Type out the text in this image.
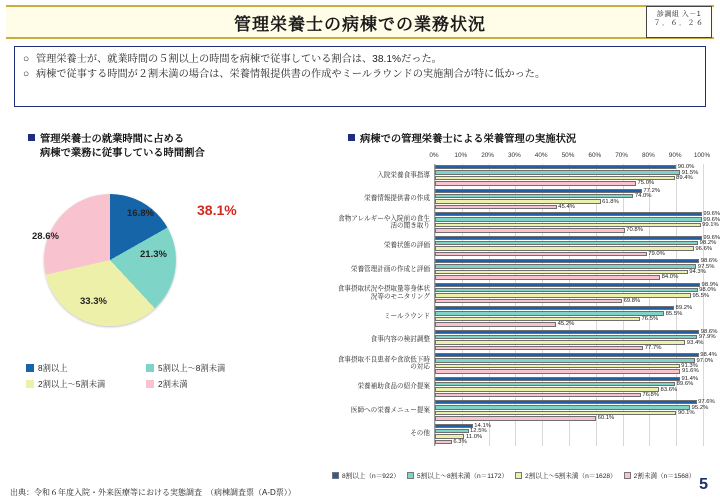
管理栄養士の病棟での業務状況	診調組 入－1
７．６．２６
○ 管理栄養士が、就業時間の５割以上の時間を病棟で従事している割合は、38.1%だった。
○ 病棟で従事する時間が２割未満の場合は、栄養情報提供書の作成やミールラウンドの実施割合が特に低かった。
管理栄養士の就業時間に占める
病棟で業務に従事している時間割合
病棟での管理栄養士による栄養管理の実施状況
16.8%
21.3%
33.3%
28.6%
38.1%
8割以上	5割以上～8割未満
2割以上～5割未満	2割未満
0% 10% 20% 30% 40% 50% 60% 70% 80% 90% 100%
入院栄養食事指導
90.0%
91.5%
89.4%
75.0%
栄養情報提供書の作成
77.2%
74.0%
61.8%
45.4%
食物アレルギーや入院前の食生活の聞き取り
99.6%
99.6%
99.1%
70.8%
栄養状態の評価
99.6%
98.2%
96.6%
79.0%
栄養管理計画の作成と評価
98.6%
97.5%
94.3%
84.0%
食事摂取状況や摂取量等身体状況等のモニタリング
98.9%
98.0%
95.5%
69.8%
ミールラウンド
89.2%
85.5%
76.5%
45.2%
食事内容の検討調整
98.6%
97.9%
93.4%
77.7%
食事摂取不良患者や食欲低下時の対応
98.4%
97.0%
91.3%
91.6%
栄養補助食品の紹介提案
91.4%
89.6%
83.6%
76.8%
医師への栄養メニュー提案
97.6%
95.2%
90.1%
60.1%
その他
14.1%
12.5%
11.0%
6.3%
8割以上（n＝922）	5割以上～8割未満（n＝1172）	2割以上～5割未満（n＝1628）	2割未満（n＝1568）
出典：令和６年度入院・外来医療等における実態調査　（病棟調査票（A-D票））	5
